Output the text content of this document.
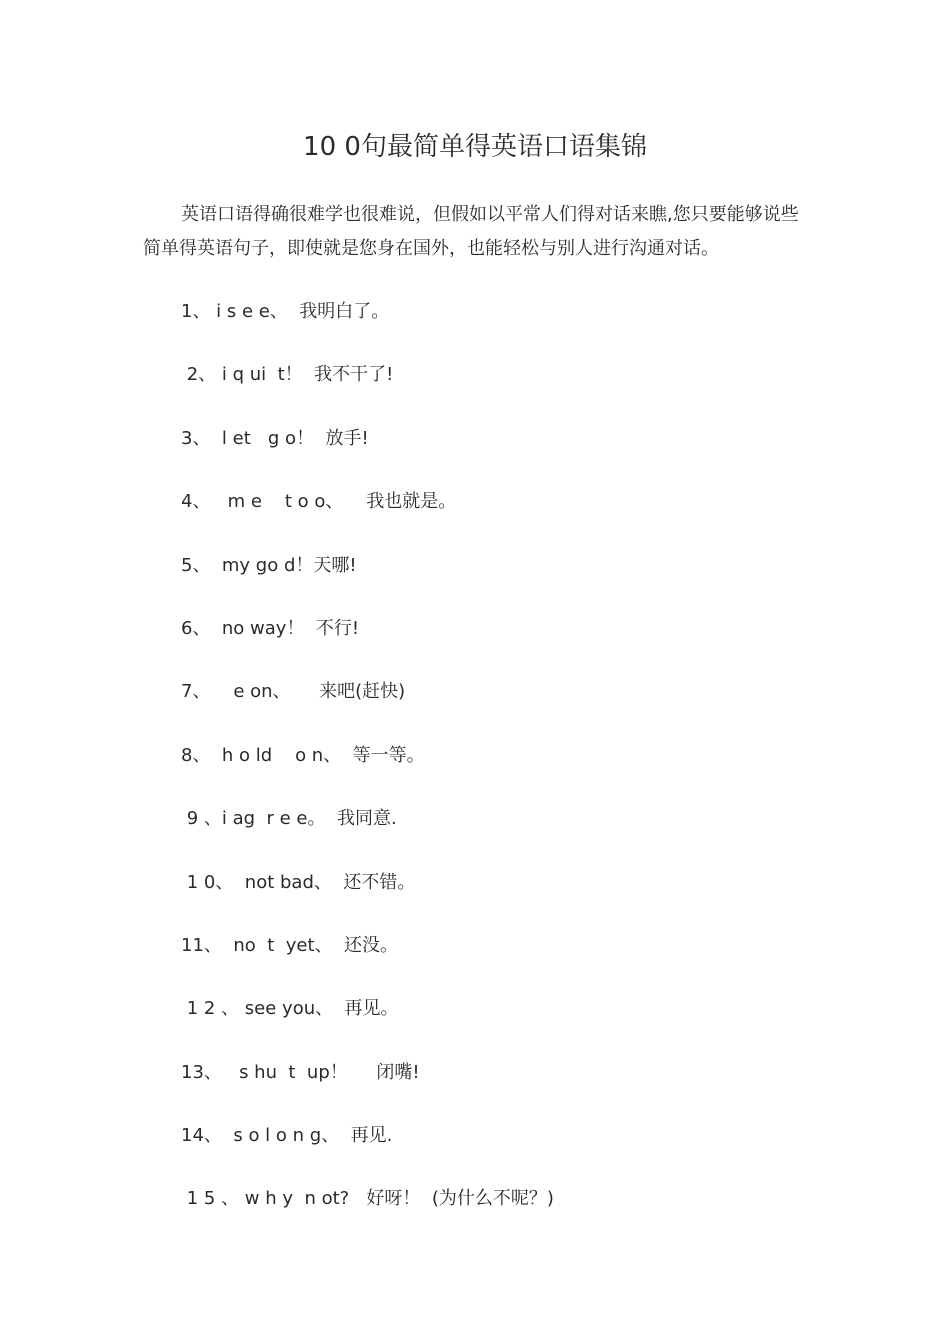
10 0句最简单得英语口语集锦

英语口语得确很难学也很难说，但假如以平常人们得对话来瞧,您只要能够说些简单得英语句子，即使就是您身在国外，也能轻松与别人进行沟通对话。

1、 i s e e、  我明白了。
2、 i q ui  t！  我不干了!
3、  l et   g o！  放手!
4、   m e    t o o、    我也就是。
5、  my go d！天哪!
6、  no way！  不行!
7、    e on、     来吧(赶快)
8、  h o ld    o n、  等一等。
9 、i ag  r e e。  我同意.
1 0、  not bad、  还不错。
11、  no  t  yet、  还没。
1 2 、 see you、  再见。
13、   s hu  t  up！     闭嘴!
14、  s o l o n g、  再见.
1 5 、 w h y  n ot?   好呀！  (为什么不呢？)
